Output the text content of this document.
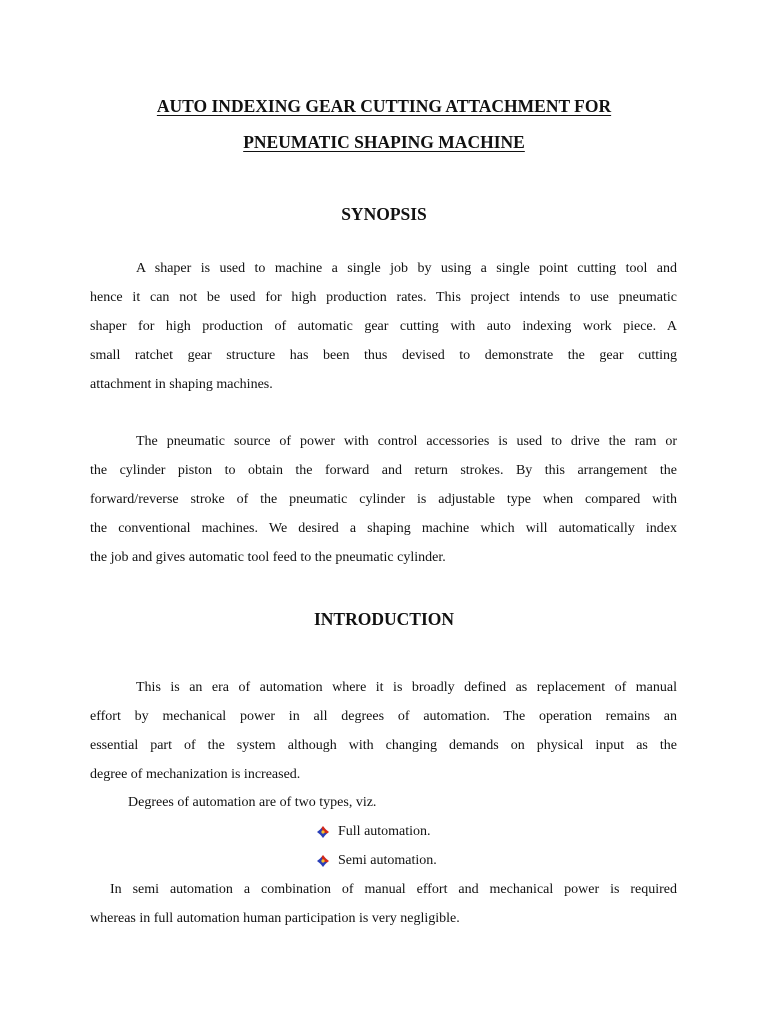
AUTO INDEXING GEAR CUTTING ATTACHMENT FOR
PNEUMATIC SHAPING MACHINE
SYNOPSIS

A shaper is used to machine a single job by using a single point cutting tool and
hence it can not be used for high production rates. This project intends to use pneumatic
shaper for high production of automatic gear cutting with auto indexing work piece. A
small ratchet gear structure has been thus devised to demonstrate the gear cutting
attachment in shaping machines.

The pneumatic source of power with control accessories is used to drive the ram or
the cylinder piston to obtain the forward and return strokes. By this arrangement the
forward/reverse stroke of the pneumatic cylinder is adjustable type when compared with
the conventional machines. We desired a shaping machine which will automatically index
the job and gives automatic tool feed to the pneumatic cylinder.

INTRODUCTION

This is an era of automation where it is broadly defined as replacement of manual
effort by mechanical power in all degrees of automation. The operation remains an
essential part of the system although with changing demands on physical input as the
degree of mechanization is increased.

Degrees of automation are of two types, viz.

Full automation.
Semi automation.

In semi automation a combination of manual effort and mechanical power is required
whereas in full automation human participation is very negligible.
